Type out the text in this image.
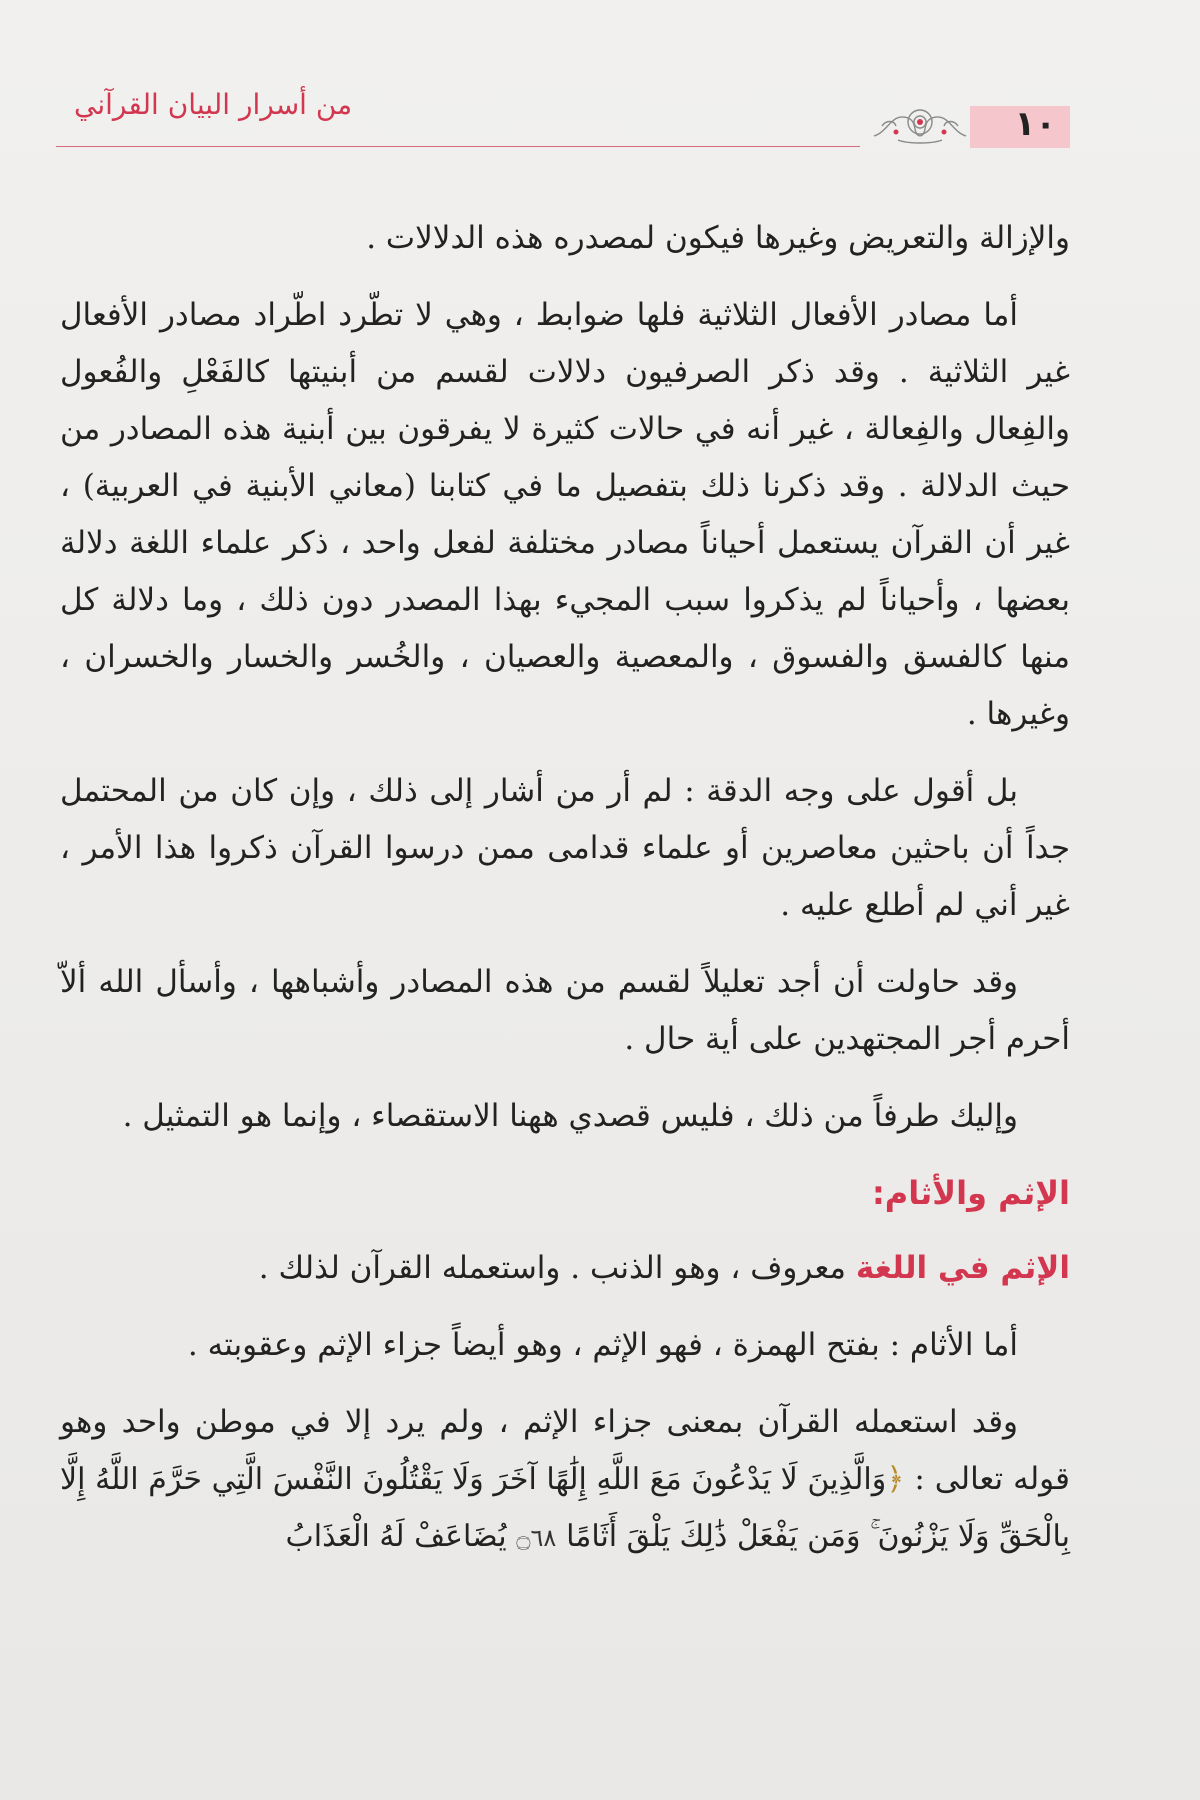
من أسرار البيان القرآني	١٠

والإزالة والتعريض وغيرها فيكون لمصدره هذه الدلالات .

أما مصادر الأفعال الثلاثية فلها ضوابط ، وهي لا تطّرد اطّراد مصادر الأفعال غير الثلاثية . وقد ذكر الصرفيون دلالات لقسم من أبنيتها كالفَعْلِ والفُعول والفِعال والفِعالة ، غير أنه في حالات كثيرة لا يفرقون بين أبنية هذه المصادر من حيث الدلالة . وقد ذكرنا ذلك بتفصيل ما في كتابنا (معاني الأبنية في العربية) ، غير أن القرآن يستعمل أحياناً مصادر مختلفة لفعل واحد ، ذكر علماء اللغة دلالة بعضها ، وأحياناً لم يذكروا سبب المجيء بهذا المصدر دون ذلك ، وما دلالة كل منها كالفسق والفسوق ، والمعصية والعصيان ، والخُسر والخسار والخسران ، وغيرها .

بل أقول على وجه الدقة : لم أر من أشار إلى ذلك ، وإن كان من المحتمل جداً أن باحثين معاصرين أو علماء قدامى ممن درسوا القرآن ذكروا هذا الأمر ، غير أني لم أطلع عليه .

وقد حاولت أن أجد تعليلاً لقسم من هذه المصادر وأشباهها ، وأسأل الله ألاّ أحرم أجر المجتهدين على أية حال .

وإليك طرفاً من ذلك ، فليس قصدي ههنا الاستقصاء ، وإنما هو التمثيل .

الإثم والأثام:

الإثم في اللغة معروف ، وهو الذنب . واستعمله القرآن لذلك .

أما الأثام : بفتح الهمزة ، فهو الإثم ، وهو أيضاً جزاء الإثم وعقوبته .

وقد استعمله القرآن بمعنى جزاء الإثم ، ولم يرد إلا في موطن واحد وهو قوله تعالى : ﴿وَالَّذِينَ لَا يَدْعُونَ مَعَ اللَّهِ إِلَٰهًا آخَرَ وَلَا يَقْتُلُونَ النَّفْسَ الَّتِي حَرَّمَ اللَّهُ إِلَّا بِالْحَقِّ وَلَا يَزْنُونَ ۚ وَمَن يَفْعَلْ ذَٰلِكَ يَلْقَ أَثَامًا ۝٦٨ يُضَاعَفْ لَهُ الْعَذَابُ
